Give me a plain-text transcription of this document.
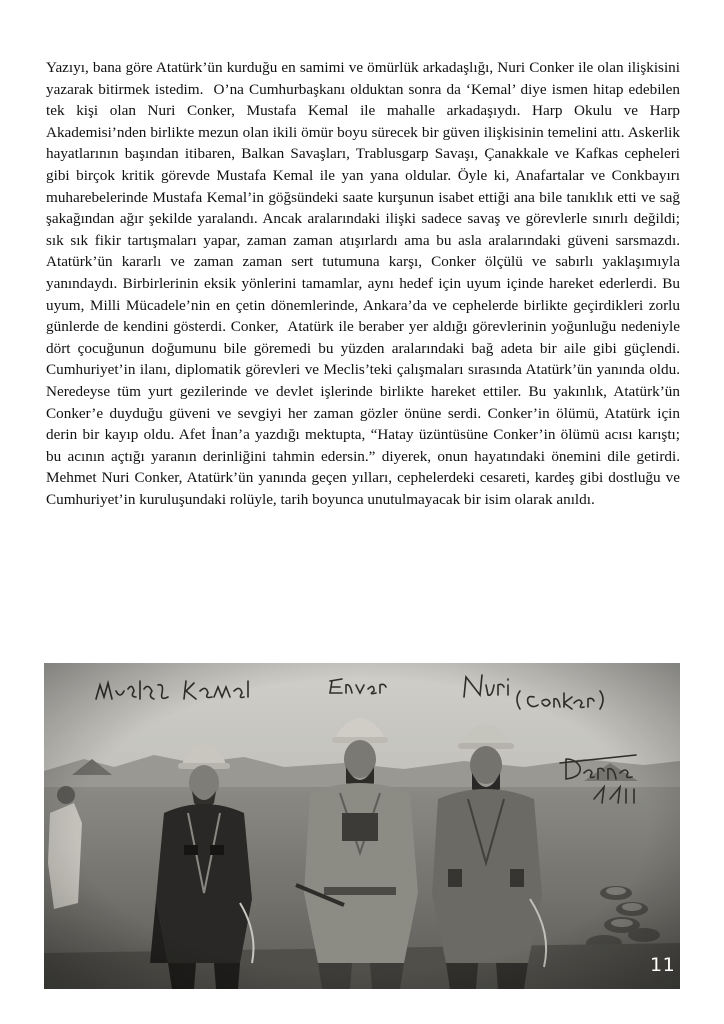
Yazıyı, bana göre Atatürk’ün kurduğu en samimi ve ömürlük arkadaşlığı, Nuri Conker ile olan ilişkisini yazarak bitirmek istedim.  O’na Cumhurbaşkanı olduktan sonra da ‘Kemal’ diye ismen hitap edebilen tek kişi olan Nuri Conker, Mustafa Kemal ile mahalle arkadaşıydı. Harp Okulu ve Harp Akademisi’nden birlikte mezun olan ikili ömür boyu sürecek bir güven ilişkisinin temelini attı. Askerlik hayatlarının başından itibaren, Balkan Savaşları, Trablusgarp Savaşı, Çanakkale ve Kafkas cepheleri gibi birçok kritik görevde Mustafa Kemal ile yan yana oldular. Öyle ki, Anafartalar ve Conkbayırı muharebelerinde Mustafa Kemal’in göğsündeki saate kurşunun isabet ettiği ana bile tanıklık etti ve sağ şakağından ağır şekilde yaralandı. Ancak aralarındaki ilişki sadece savaş ve görevlerle sınırlı değildi; sık sık fikir tartışmaları yapar, zaman zaman atışırlardı ama bu asla aralarındaki güveni sarsmazdı. Atatürk’ün kararlı ve zaman zaman sert tutumuna karşı, Conker ölçülü ve sabırlı yaklaşımıyla yanındaydı. Birbirlerinin eksik yönlerini tamamlar, aynı hedef için uyum içinde hareket ederlerdi. Bu uyum, Milli Mücadele’nin en çetin dönemlerinde, Ankara’da ve cephelerde birlikte geçirdikleri zorlu günlerde de kendini gösterdi. Conker,  Atatürk ile beraber yer aldığı görevlerinin yoğunluğu nedeniyle dört çocuğunun doğumunu bile göremedi bu yüzden aralarındaki bağ adeta bir aile gibi güçlendi. Cumhuriyet’in ilanı, diplomatik görevleri ve Meclis’teki çalışmaları sırasında Atatürk’ün yanında oldu. Neredeyse tüm yurt gezilerinde ve devlet işlerinde birlikte hareket ettiler. Bu yakınlık, Atatürk’ün Conker’e duyduğu güveni ve sevgiyi her zaman gözler önüne serdi. Conker’in ölümü, Atatürk için derin bir kayıp oldu. Afet İnan’a yazdığı mektupta, “Hatay üzüntüsüne Conker’in ölümü acısı karıştı; bu acının açtığı yaranın derinliğini tahmin edersin.” diyerek, onun hayatındaki önemini dile getirdi. Mehmet Nuri Conker, Atatürk’ün yanında geçen yılları, cephelerdeki cesareti, kardeş gibi dostluğu ve Cumhuriyet’in kuruluşundaki rolüyle, tarih boyunca unutulmayacak bir isim olarak anıldı.

11
